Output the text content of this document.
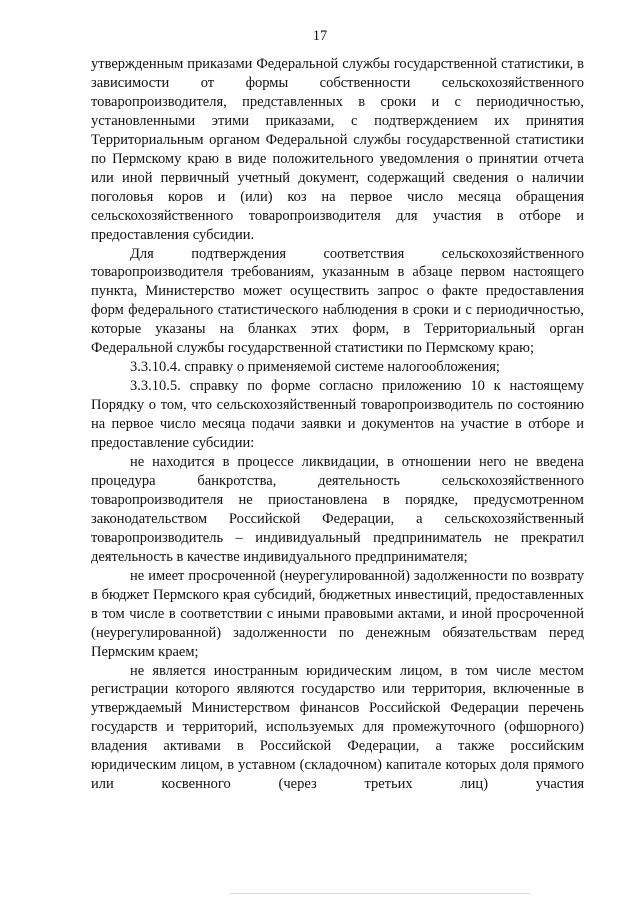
17

утвержденным приказами Федеральной службы государственной статистики, в зависимости от формы собственности сельскохозяйственного товаропроизводителя, представленных в сроки и с периодичностью, установленными этими приказами, с подтверждением их принятия Территориальным органом Федеральной службы государственной статистики по Пермскому краю в виде положительного уведомления о принятии отчета или иной первичный учетный документ, содержащий сведения о наличии поголовья коров и (или) коз на первое число месяца обращения сельскохозяйственного товаропроизводителя для участия в отборе и предоставления субсидии.

Для подтверждения соответствия сельскохозяйственного товаропроизводителя требованиям, указанным в абзаце первом настоящего пункта, Министерство может осуществить запрос о факте предоставления форм федерального статистического наблюдения в сроки и с периодичностью, которые указаны на бланках этих форм, в Территориальный орган Федеральной службы государственной статистики по Пермскому краю;

3.3.10.4. справку о применяемой системе налогообложения;

3.3.10.5. справку по форме согласно приложению 10 к настоящему Порядку о том, что сельскохозяйственный товаропроизводитель по состоянию на первое число месяца подачи заявки и документов на участие в отборе и предоставление субсидии:

не находится в процессе ликвидации, в отношении него не введена процедура банкротства, деятельность сельскохозяйственного товаропроизводителя не приостановлена в порядке, предусмотренном законодательством Российской Федерации, а сельскохозяйственный товаропроизводитель – индивидуальный предприниматель не прекратил деятельность в качестве индивидуального предпринимателя;

не имеет просроченной (неурегулированной) задолженности по возврату в бюджет Пермского края субсидий, бюджетных инвестиций, предоставленных в том числе в соответствии с иными правовыми актами, и иной просроченной (неурегулированной) задолженности по денежным обязательствам перед Пермским краем;

не является иностранным юридическим лицом, в том числе местом регистрации которого являются государство или территория, включенные в утверждаемый Министерством финансов Российской Федерации перечень государств и территорий, используемых для промежуточного (офшорного) владения активами в Российской Федерации, а также российским юридическим лицом, в уставном (складочном) капитале которых доля прямого или косвенного (через третьих лиц) участия
